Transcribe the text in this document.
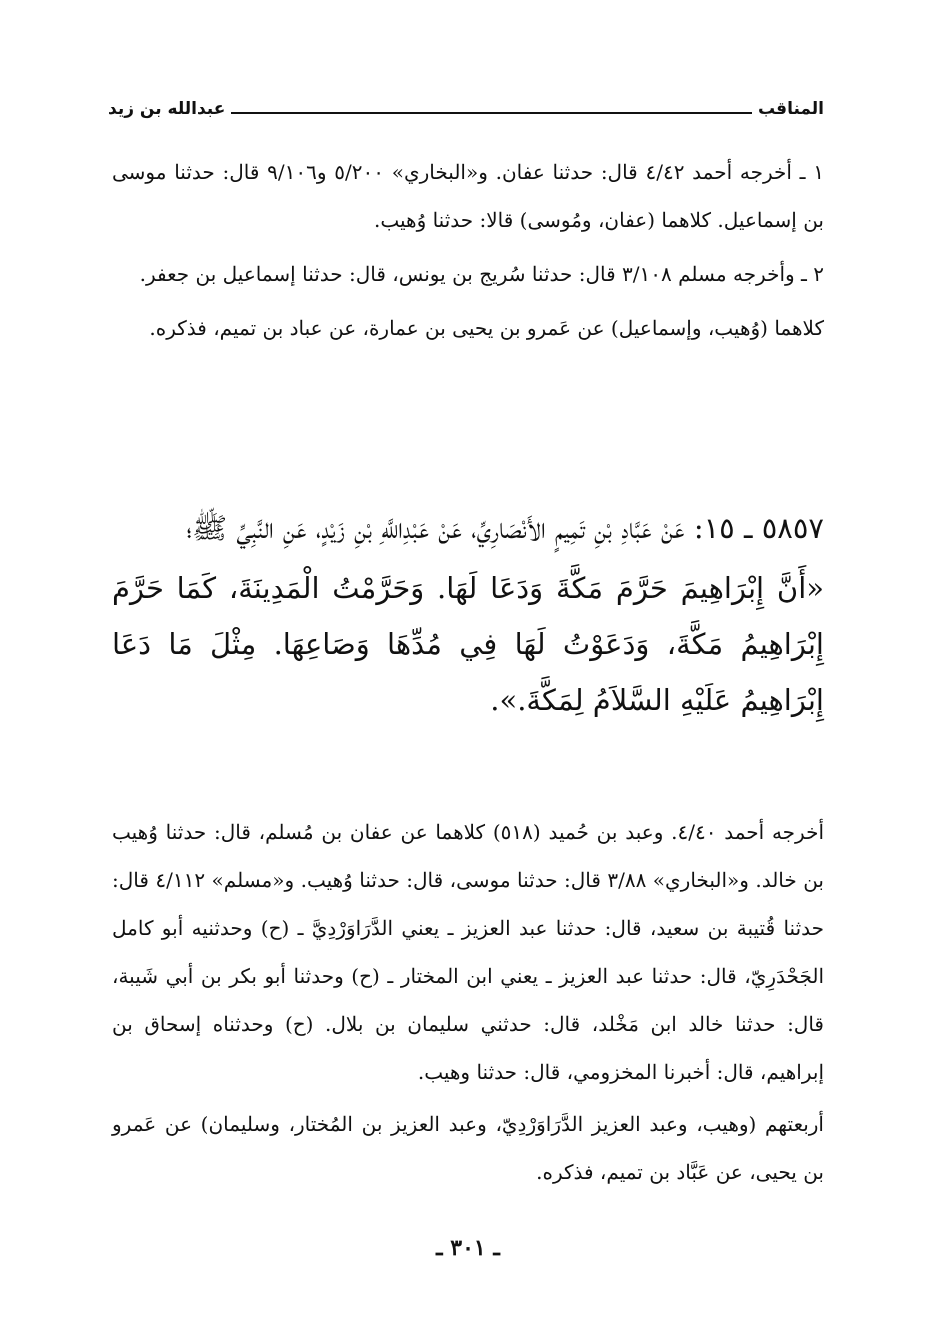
المناقب
عبدالله بن زيد

١ ـ أخرجه أحمد ٤/٤٢ قال: حدثنا عفان. و«البخاري» ٥/٢٠٠ و٩/١٠٦ قال: حدثنا موسى بن إسماعيل. كلاهما (عفان، ومُوسى) قالا: حدثنا وُهيب.

٢ ـ وأخرجه مسلم ٣/١٠٨ قال: حدثنا سُريج بن يونس، قال: حدثنا إسماعيل بن جعفر.

كلاهما (وُهيب، وإسماعيل) عن عَمرو بن يحيى بن عمارة، عن عباد بن تميم، فذكره.

٥٨٥٧ ـ ١٥: عَنْ عَبَّادِ بْنِ تَمِيمٍ الأَنْصَارِيِّ، عَنْ عَبْدِاللَّهِ بْنِ زَيْدٍ، عَنِ النَّبِيِّ ﷺ؛

«أَنَّ إِبْرَاهِيمَ حَرَّمَ مَكَّةَ وَدَعَا لَهَا. وَحَرَّمْتُ الْمَدِينَةَ، كَمَا حَرَّمَ إِبْرَاهِيمُ مَكَّةَ، وَدَعَوْتُ لَهَا فِي مُدِّهَا وَصَاعِهَا. مِثْلَ مَا دَعَا إِبْرَاهِيمُ عَلَيْهِ السَّلاَمُ لِمَكَّةَ.».

أخرجه أحمد ٤/٤٠. وعبد بن حُميد (٥١٨) كلاهما عن عفان بن مُسلم، قال: حدثنا وُهيب بن خالد. و«البخاري» ٣/٨٨ قال: حدثنا موسى، قال: حدثنا وُهيب. و«مسلم» ٤/١١٢ قال: حدثنا قُتيبة بن سعيد، قال: حدثنا عبد العزيز ـ يعني الدَّرَاوَرْدِيَّ ـ (ح) وحدثنيه أبو كامل الجَحْدَرِيّ، قال: حدثنا عبد العزيز ـ يعني ابن المختار ـ (ح) وحدثنا أبو بكر بن أبي شَيبة، قال: حدثنا خالد ابن مَخْلد، قال: حدثني سليمان بن بلال. (ح) وحدثناه إسحاق بن إبراهيم، قال: أخبرنا المخزومي، قال: حدثنا وهيب.

أربعتهم (وهيب، وعبد العزيز الدَّرَاوَرْدِيّ، وعبد العزيز بن المُختار، وسليمان) عن عَمرو بن يحيى، عن عَبَّاد بن تميم، فذكره.

ـ ٣٠١ ـ
